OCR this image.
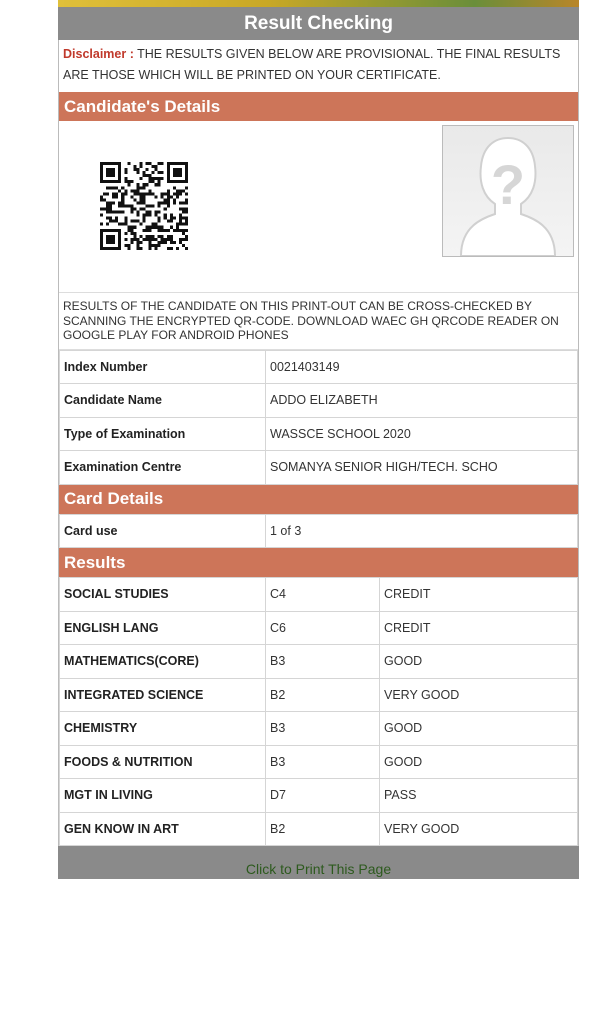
Result Checking
Disclaimer : THE RESULTS GIVEN BELOW ARE PROVISIONAL. THE FINAL RESULTS ARE THOSE WHICH WILL BE PRINTED ON YOUR CERTIFICATE.
Candidate's Details
?
RESULTS OF THE CANDIDATE ON THIS PRINT-OUT CAN BE CROSS-CHECKED BY SCANNING THE ENCRYPTED QR-CODE. DOWNLOAD WAEC GH QRCODE READER ON GOOGLE PLAY FOR ANDROID PHONES
Index Number	0021403149
Candidate Name	ADDO ELIZABETH
Type of Examination	WASSCE SCHOOL 2020
Examination Centre	SOMANYA SENIOR HIGH/TECH. SCHO
Card Details
Card use	1 of 3
Results
SOCIAL STUDIES	C4	CREDIT
ENGLISH LANG	C6	CREDIT
MATHEMATICS(CORE)	B3	GOOD
INTEGRATED SCIENCE	B2	VERY GOOD
CHEMISTRY	B3	GOOD
FOODS & NUTRITION	B3	GOOD
MGT IN LIVING	D7	PASS
GEN KNOW IN ART	B2	VERY GOOD
Click to Print This Page
